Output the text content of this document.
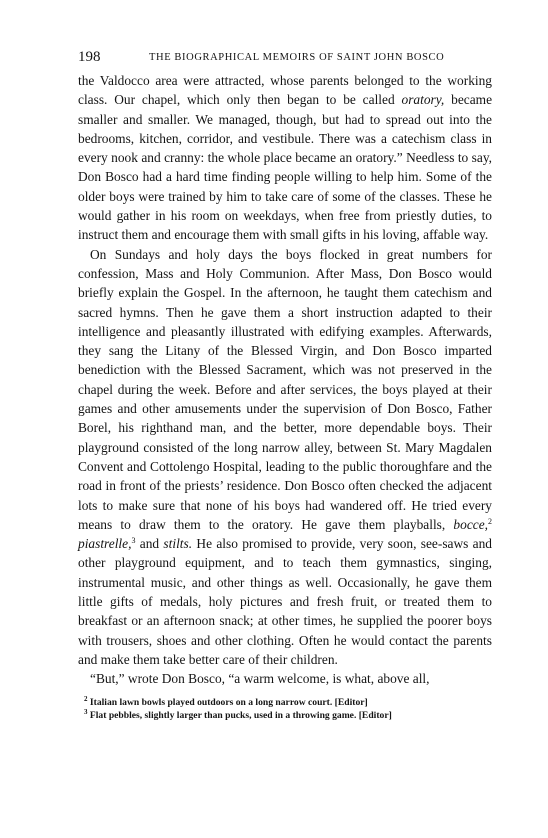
198	THE BIOGRAPHICAL MEMOIRS OF SAINT JOHN BOSCO

the Valdocco area were attracted, whose parents belonged to the working class. Our chapel, which only then began to be called oratory, became smaller and smaller. We managed, though, but had to spread out into the bedrooms, kitchen, corridor, and vestibule. There was a catechism class in every nook and cranny: the whole place became an oratory.” Needless to say, Don Bosco had a hard time finding people willing to help him. Some of the older boys were trained by him to take care of some of the classes. These he would gather in his room on weekdays, when free from priestly duties, to instruct them and encourage them with small gifts in his loving, affable way.

On Sundays and holy days the boys flocked in great numbers for confession, Mass and Holy Communion. After Mass, Don Bosco would briefly explain the Gospel. In the afternoon, he taught them catechism and sacred hymns. Then he gave them a short instruction adapted to their intelligence and pleasantly illustrated with edifying examples. Afterwards, they sang the Litany of the Blessed Virgin, and Don Bosco imparted benediction with the Blessed Sacrament, which was not preserved in the chapel during the week. Before and after services, the boys played at their games and other amusements under the supervision of Don Bosco, Father Borel, his righthand man, and the better, more dependable boys. Their playground consisted of the long narrow alley, between St. Mary Magdalen Convent and Cottolengo Hospital, leading to the public thoroughfare and the road in front of the priests’ residence. Don Bosco often checked the adjacent lots to make sure that none of his boys had wandered off. He tried every means to draw them to the oratory. He gave them playballs, bocce,$^2$ piastrelle,$^3$ and stilts. He also promised to provide, very soon, see-saws and other playground equipment, and to teach them gymnastics, singing, instrumental music, and other things as well. Occasionally, he gave them little gifts of medals, holy pictures and fresh fruit, or treated them to breakfast or an afternoon snack; at other times, he supplied the poorer boys with trousers, shoes and other clothing. Often he would contact the parents and make them take better care of their children.

“But,” wrote Don Bosco, “a warm welcome, is what, above all,

$^2$ Italian lawn bowls played outdoors on a long narrow court. [Editor]

$^3$ Flat pebbles, slightly larger than pucks, used in a throwing game. [Editor]
